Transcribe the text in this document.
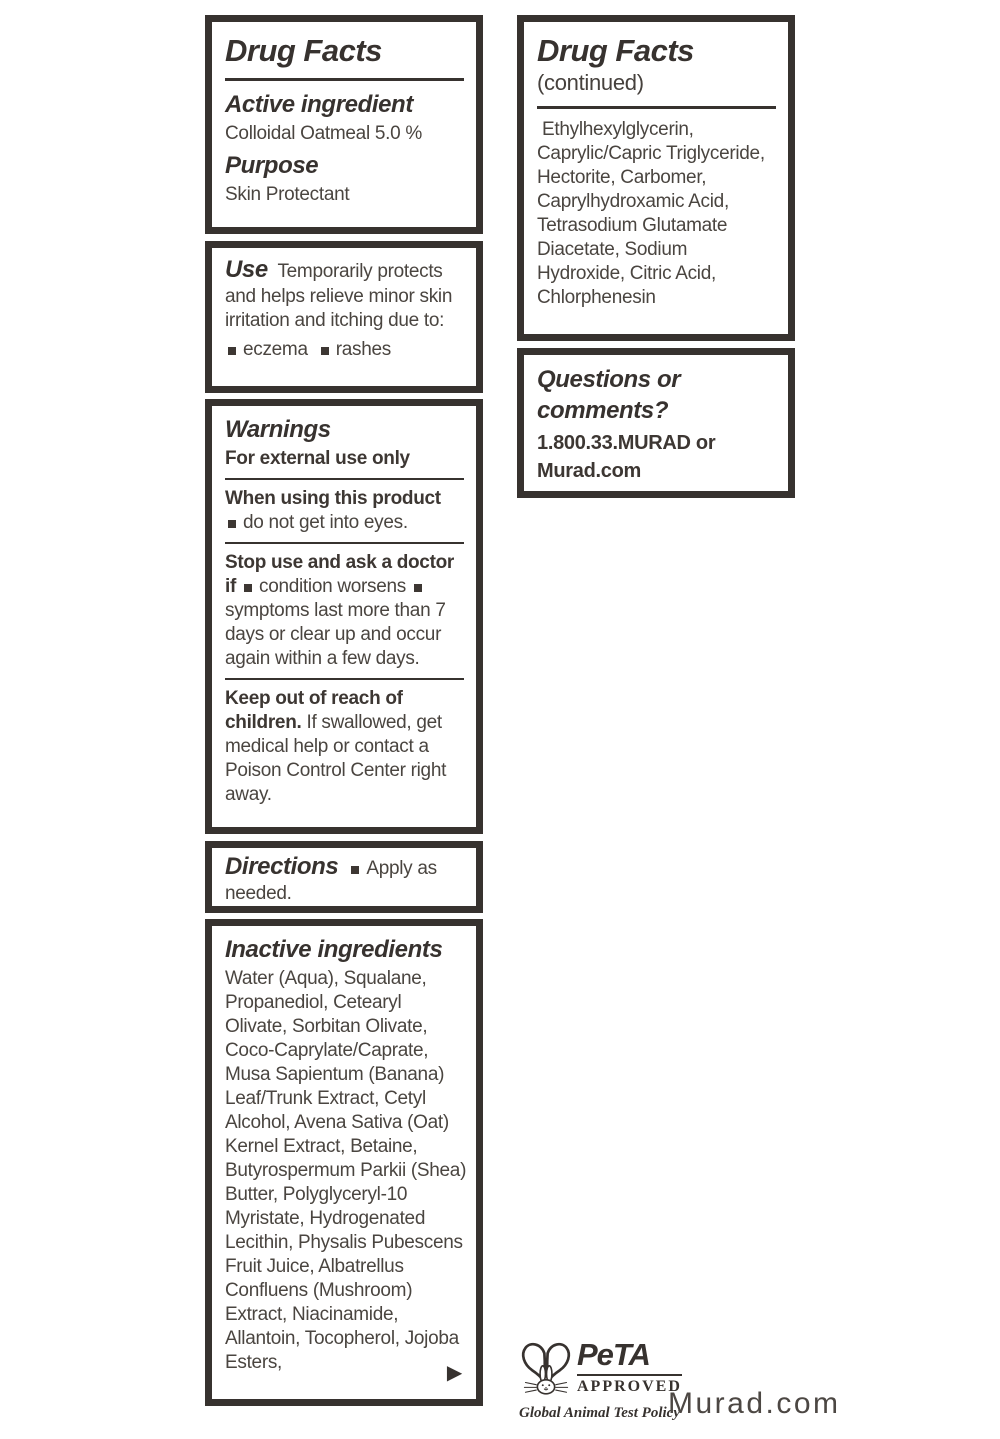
Drug Facts
Active ingredient

Colloidal Oatmeal 5.0 %

Purpose

Skin Protectant

Use Temporarily protects and helps relieve minor skin irritation and itching due to:

eczema rashes

Warnings

For external use only

When using this product
do not get into eyes.

Stop use and ask a doctor if condition worsens symptoms last more than 7 days or clear up and occur again within a few days.

Keep out of reach of children. If swallowed, get medical help or contact a Poison Control Center right away.

Directions Apply as needed.

Inactive ingredients

Water (Aqua), Squalane, Propanediol, Cetearyl Olivate, Sorbitan Olivate, Coco-Caprylate/Caprate, Musa Sapientum (Banana) Leaf/Trunk Extract, Cetyl Alcohol, Avena Sativa (Oat) Kernel Extract, Betaine, Butyrospermum Parkii (Shea) Butter, Polyglyceryl-10 Myristate, Hydrogenated Lecithin, Physalis Pubescens Fruit Juice, Albatrellus Confluens (Mushroom) Extract, Niacinamide, Allantoin, Tocopherol, Jojoba Esters,	▶
Drug Facts

(continued)

Ethylhexylglycerin, Caprylic/Capric Triglyceride, Hectorite, Carbomer, Caprylhydroxamic Acid, Tetrasodium Glutamate Diacetate, Sodium Hydroxide, Citric Acid, Chlorphenesin

Questions or comments?

1.800.33.MURAD or Murad.com

PeTA
APPROVED
Global Animal Test Policy
Murad.com
